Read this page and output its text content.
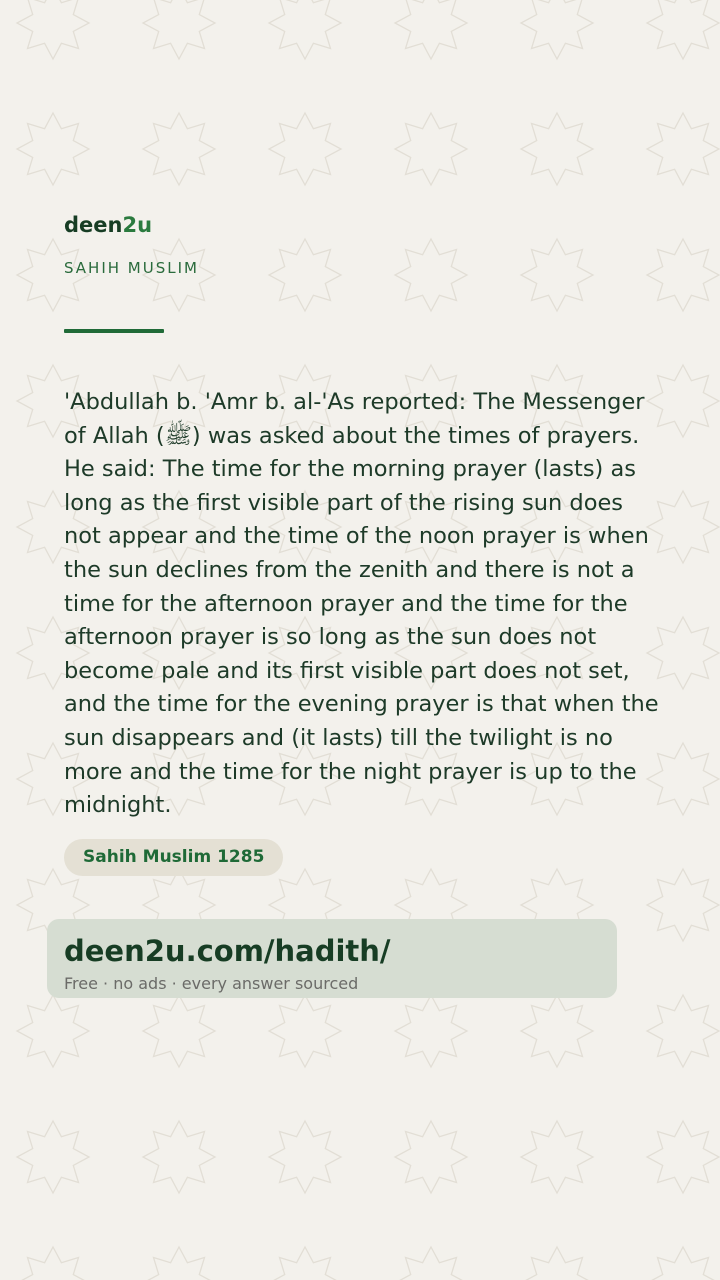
deen2u
SAHIH MUSLIM
'Abdullah b. 'Amr b. al-'As reported: The Messenger of Allah (ﷺ) was asked about the times of prayers. He said: The time for the morning prayer (lasts) as long as the first visible part of the rising sun does not appear and the time of the noon prayer is when the sun declines from the zenith and there is not a time for the afternoon prayer and the time for the afternoon prayer is so long as the sun does not become pale and its first visible part does not set, and the time for the evening prayer is that when the sun disappears and (it lasts) till the twilight is no more and the time for the night prayer is up to the midnight.
Sahih Muslim 1285
deen2u.com/hadith/
Free · no ads · every answer sourced
